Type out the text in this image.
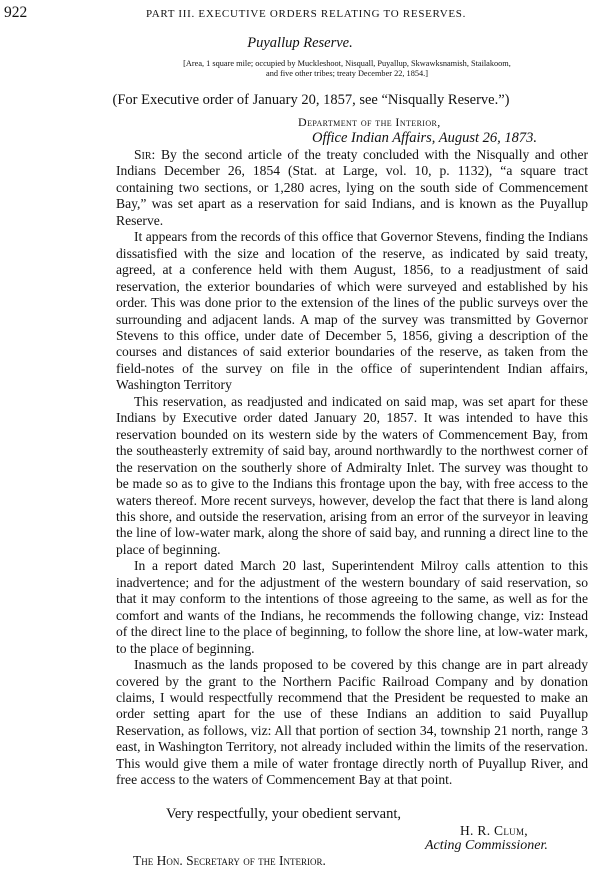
922	PART III. EXECUTIVE ORDERS RELATING TO RESERVES.
Puyallup Reserve.
[Area, 1 square mile; occupied by Muckleshoot, Nisquall, Puyallup, Skwawksnamish, Stailakoom,
and five other tribes; treaty December 22, 1854.]
(For Executive order of January 20, 1857, see “Nisqually Reserve.”)
Department of the Interior,
Office Indian Affairs, August 26, 1873.

Sir: By the second article of the treaty concluded with the Nisqually and other Indians December 26, 1854 (Stat. at Large, vol. 10, p. 1132), “a square tract containing two sections, or 1,280 acres, lying on the south side of Commencement Bay,” was set apart as a reservation for said Indians, and is known as the Puyallup Reserve.

It appears from the records of this office that Governor Stevens, finding the Indians dissatisfied with the size and location of the reserve, as indicated by said treaty, agreed, at a conference held with them August, 1856, to a readjustment of said reservation, the exterior boundaries of which were surveyed and established by his order. This was done prior to the extension of the lines of the public surveys over the surrounding and adjacent lands. A map of the survey was transmitted by Governor Stevens to this office, under date of December 5, 1856, giving a description of the courses and distances of said exterior boundaries of the reserve, as taken from the field-notes of the survey on file in the office of superintendent Indian affairs, Washington Territory

This reservation, as readjusted and indicated on said map, was set apart for these Indians by Executive order dated January 20, 1857. It was intended to have this reservation bounded on its western side by the waters of Commencement Bay, from the southeasterly extremity of said bay, around northwardly to the northwest corner of the reservation on the southerly shore of Admiralty Inlet. The survey was thought to be made so as to give to the Indians this frontage upon the bay, with free access to the waters thereof. More recent surveys, however, develop the fact that there is land along this shore, and outside the reservation, arising from an error of the surveyor in leaving the line of low-water mark, along the shore of said bay, and running a direct line to the place of beginning.

In a report dated March 20 last, Superintendent Milroy calls attention to this inadvertence; and for the adjustment of the western boundary of said reservation, so that it may conform to the intentions of those agreeing to the same, as well as for the comfort and wants of the Indians, he recommends the following change, viz: Instead of the direct line to the place of beginning, to follow the shore line, at low-water mark, to the place of beginning.

Inasmuch as the lands proposed to be covered by this change are in part already covered by the grant to the Northern Pacific Railroad Company and by donation claims, I would respectfully recommend that the President be requested to make an order setting apart for the use of these Indians an addition to said Puyallup Reservation, as follows, viz: All that portion of section 34, township 21 north, range 3 east, in Washington Territory, not already included within the limits of the reservation. This would give them a mile of water frontage directly north of Puyallup River, and free access to the waters of Commencement Bay at that point.

Very respectfully, your obedient servant,
H. R. Clum,
Acting Commissioner.
The Hon. Secretary of the Interior.
